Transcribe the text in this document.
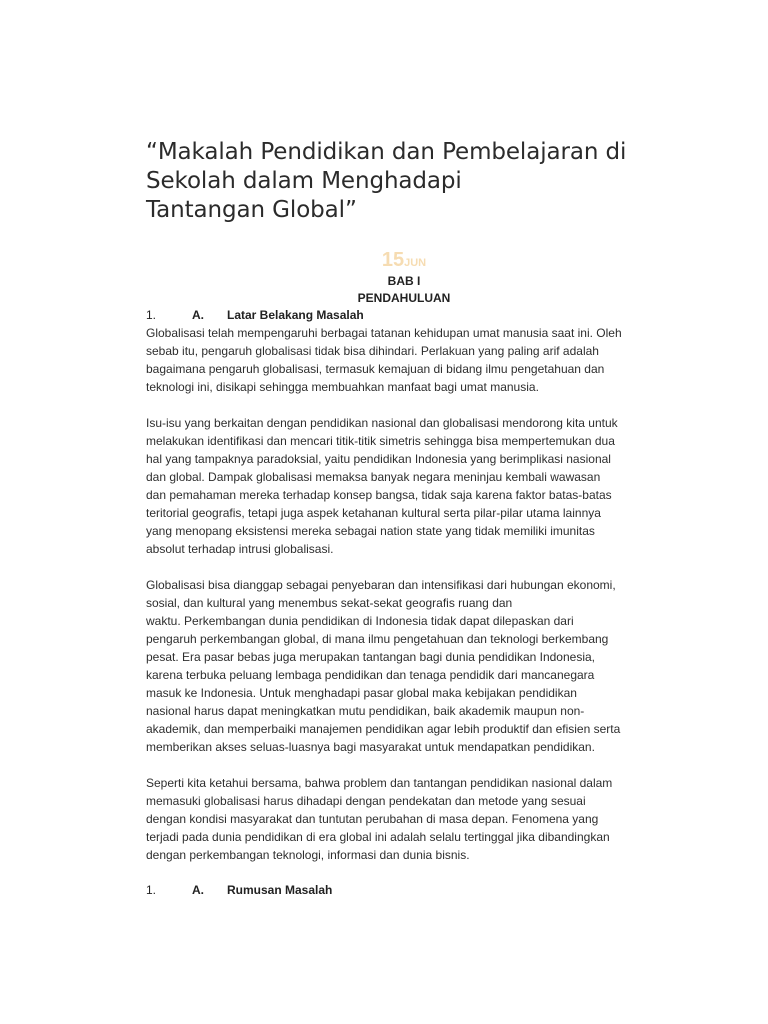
“Makalah Pendidikan dan Pembelajaran di
Sekolah dalam Menghadapi
Tantangan Global”
15JUN
BAB I
PENDAHULUAN
1.	A.	Latar Belakang Masalah

Globalisasi telah mempengaruhi berbagai tatanan kehidupan umat manusia saat ini. Oleh
sebab itu, pengaruh globalisasi tidak bisa dihindari. Perlakuan yang paling arif adalah
bagaimana pengaruh globalisasi, termasuk kemajuan di bidang ilmu pengetahuan dan
teknologi ini, disikapi sehingga membuahkan manfaat bagi umat manusia.

Isu-isu yang berkaitan dengan pendidikan nasional dan globalisasi mendorong kita untuk
melakukan identifikasi dan mencari titik-titik simetris sehingga bisa mempertemukan dua
hal yang tampaknya paradoksial, yaitu pendidikan Indonesia yang berimplikasi nasional
dan global. Dampak globalisasi memaksa banyak negara meninjau kembali wawasan
dan pemahaman mereka terhadap konsep bangsa, tidak saja karena faktor batas-batas
teritorial geografis, tetapi juga aspek ketahanan kultural serta pilar-pilar utama lainnya
yang menopang eksistensi mereka sebagai nation state yang tidak memiliki imunitas
absolut terhadap intrusi globalisasi.

Globalisasi bisa dianggap sebagai penyebaran dan intensifikasi dari hubungan ekonomi,
sosial, dan kultural yang menembus sekat-sekat geografis ruang dan
waktu. Perkembangan dunia pendidikan di Indonesia tidak dapat dilepaskan dari
pengaruh perkembangan global, di mana ilmu pengetahuan dan teknologi berkembang
pesat. Era pasar bebas juga merupakan tantangan bagi dunia pendidikan Indonesia,
karena terbuka peluang lembaga pendidikan dan tenaga pendidik dari mancanegara
masuk ke Indonesia. Untuk menghadapi pasar global maka kebijakan pendidikan
nasional harus dapat meningkatkan mutu pendidikan, baik akademik maupun non-
akademik, dan memperbaiki manajemen pendidikan agar lebih produktif dan efisien serta
memberikan akses seluas-luasnya bagi masyarakat untuk mendapatkan pendidikan.

Seperti kita ketahui bersama, bahwa problem dan tantangan pendidikan nasional dalam
memasuki globalisasi harus dihadapi dengan pendekatan dan metode yang sesuai
dengan kondisi masyarakat dan tuntutan perubahan di masa depan. Fenomena yang
terjadi pada dunia pendidikan di era global ini adalah selalu tertinggal jika dibandingkan
dengan perkembangan teknologi, informasi dan dunia bisnis.

1.	A.	Rumusan Masalah
